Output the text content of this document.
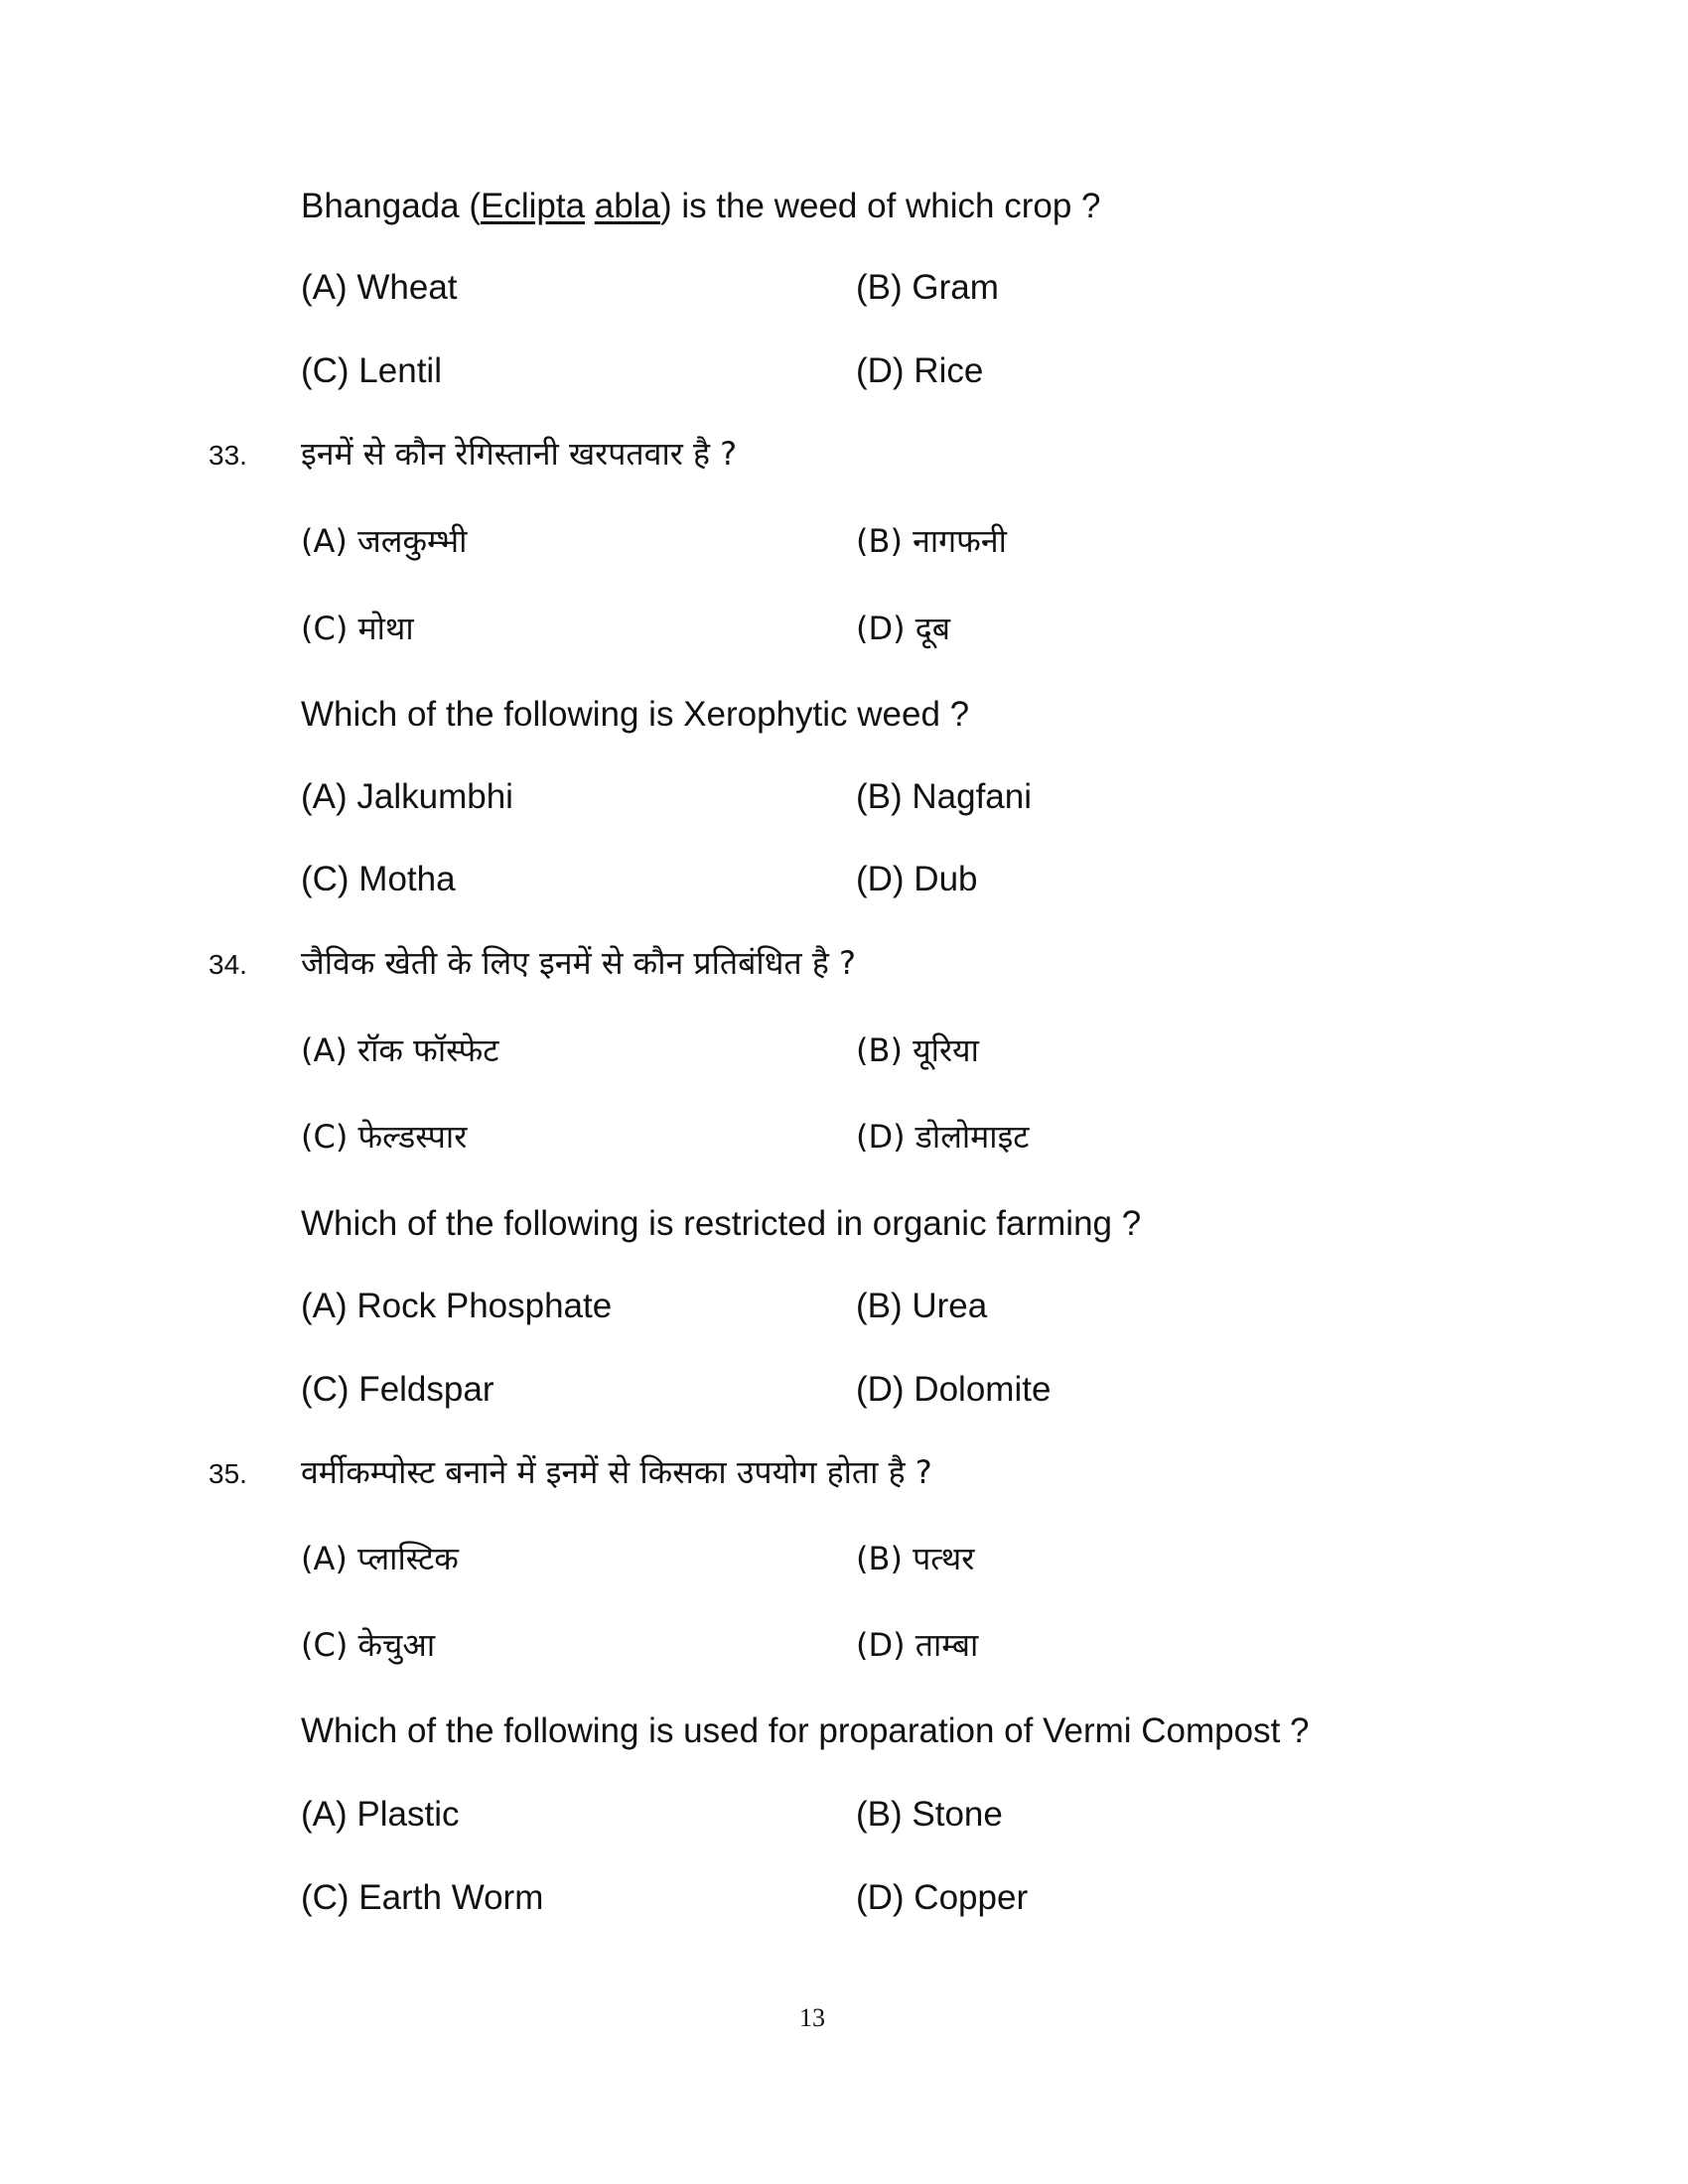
Bhangada (Eclipta abla) is the weed of which crop ?
(A) Wheat	(B) Gram
(C) Lentil	(D) Rice
33. इनमें से कौन रेगिस्तानी खरपतवार है ?
(A) जलकुम्भी	(B) नागफनी
(C) मोथा	(D) दूब
Which of the following is Xerophytic weed ?
(A) Jalkumbhi	(B) Nagfani
(C) Motha	(D) Dub
34. जैविक खेती के लिए इनमें से कौन प्रतिबंधित है ?
(A) रॉक फॉस्फेट	(B) यूरिया
(C) फेल्डस्पार	(D) डोलोमाइट
Which of the following is restricted in organic farming ?
(A) Rock Phosphate	(B) Urea
(C) Feldspar	(D) Dolomite
35. वर्मीकम्पोस्ट बनाने में इनमें से किसका उपयोग होता है ?
(A) प्लास्टिक	(B) पत्थर
(C) केचुआ	(D) ताम्बा
Which of the following is used for proparation of Vermi Compost ?
(A) Plastic	(B) Stone
(C) Earth Worm	(D) Copper
13
